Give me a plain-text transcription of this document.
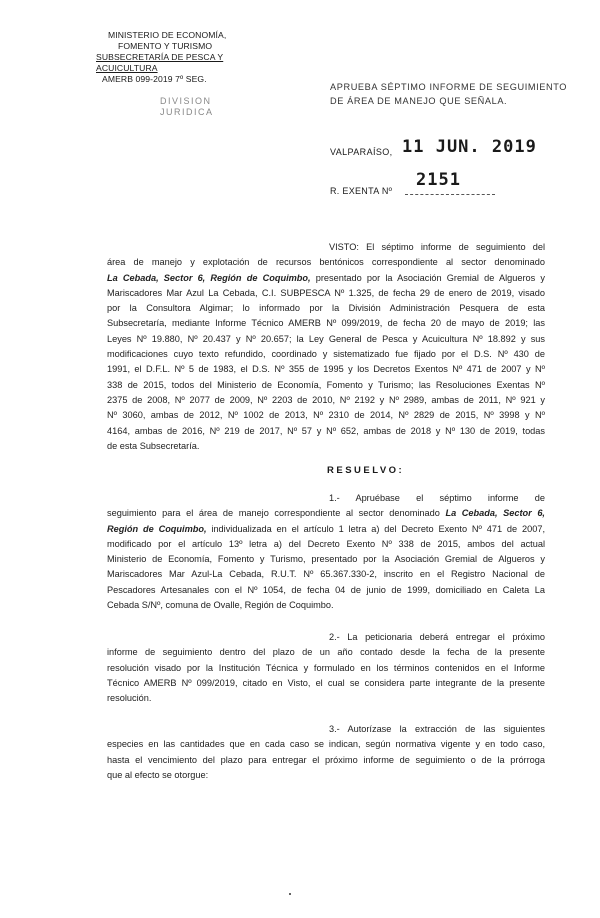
MINISTERIO DE ECONOMÍA,
FOMENTO Y TURISMO
SUBSECRETARÍA DE PESCA Y ACUICULTURA
AMERB 099-2019 7º SEG.
DIVISION
JURIDICA
APRUEBA SÉPTIMO INFORME DE SEGUIMIENTO
DE ÁREA DE MANEJO QUE SEÑALA.
VALPARAÍSO, 11 JUN. 2019
2151
R. EXENTA Nº
VISTO: El séptimo informe de seguimiento del
área de manejo y explotación de recursos bentónicos correspondiente al sector denominado
La Cebada, Sector 6, Región de Coquimbo, presentado por la Asociación Gremial de Algueros y
Mariscadores Mar Azul La Cebada, C.I. SUBPESCA Nº 1.325, de fecha 29 de enero de 2019, visado
por la Consultora Algimar; lo informado por la División Administración Pesquera de esta
Subsecretaría, mediante Informe Técnico AMERB Nº 099/2019, de fecha 20 de mayo de 2019; las
Leyes Nº 19.880, Nº 20.437 y Nº 20.657; la Ley General de Pesca y Acuicultura Nº 18.892 y sus
modificaciones cuyo texto refundido, coordinado y sistematizado fue fijado por el D.S. Nº 430 de
1991, el D.F.L. Nº 5 de 1983, el D.S. Nº 355 de 1995 y los Decretos Exentos Nº 471 de 2007 y Nº
338 de 2015, todos del Ministerio de Economía, Fomento y Turismo; las Resoluciones Exentas Nº
2375 de 2008, Nº 2077 de 2009, Nº 2203 de 2010, Nº 2192 y Nº 2989, ambas de 2011, Nº 921 y
Nº 3060, ambas de 2012, Nº 1002 de 2013, Nº 2310 de 2014, Nº 2829 de 2015, Nº 3998 y Nº
4164, ambas de 2016, Nº 219 de 2017, Nº 57 y Nº 652, ambas de 2018 y Nº 130 de 2019, todas
de esta Subsecretaría.
RESUELVO:
1.- Apruébase el séptimo informe de
seguimiento para el área de manejo correspondiente al sector denominado La Cebada, Sector 6,
Región de Coquimbo, individualizada en el artículo 1 letra a) del Decreto Exento Nº 471 de 2007,
modificado por el artículo 13º letra a) del Decreto Exento Nº 338 de 2015, ambos del actual
Ministerio de Economía, Fomento y Turismo, presentado por la Asociación Gremial de Algueros y
Mariscadores Mar Azul-La Cebada, R.U.T. Nº 65.367.330-2, inscrito en el Registro Nacional de
Pescadores Artesanales con el Nº 1054, de fecha 04 de junio de 1999, domiciliado en Caleta La
Cebada S/Nº, comuna de Ovalle, Región de Coquimbo.
2.- La peticionaria deberá entregar el próximo
informe de seguimiento dentro del plazo de un año contado desde la fecha de la presente
resolución visado por la Institución Técnica y formulado en los términos contenidos en el Informe
Técnico AMERB Nº 099/2019, citado en Visto, el cual se considera parte integrante de la presente
resolución.
3.- Autorízase la extracción de las siguientes
especies en las cantidades que en cada caso se indican, según normativa vigente y en todo caso,
hasta el vencimiento del plazo para entregar el próximo informe de seguimiento o de la prórroga
que al efecto se otorgue:
